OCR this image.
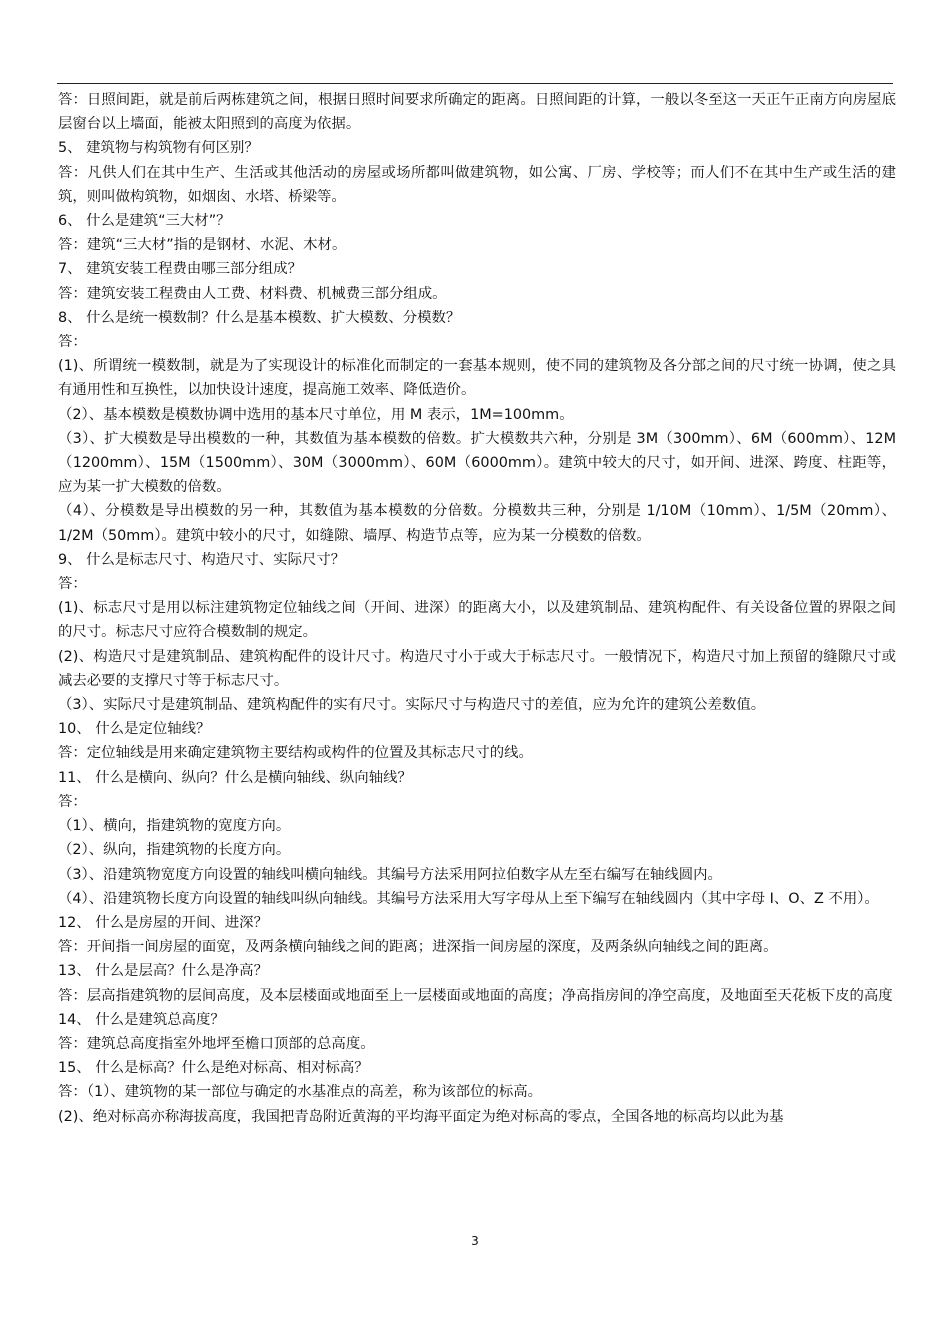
答：日照间距，就是前后两栋建筑之间，根据日照时间要求所确定的距离。日照间距的计算，一般以冬至这一天正午正南方向房屋底层窗台以上墙面，能被太阳照到的高度为依据。

5、 建筑物与构筑物有何区别？

答：凡供人们在其中生产、生活或其他活动的房屋或场所都叫做建筑物，如公寓、厂房、学校等；而人们不在其中生产或生活的建筑，则叫做构筑物，如烟囱、水塔、桥梁等。

6、 什么是建筑“三大材”？

答：建筑“三大材”指的是钢材、水泥、木材。

7、 建筑安装工程费由哪三部分组成？

答：建筑安装工程费由人工费、材料费、机械费三部分组成。

8、 什么是统一模数制？什么是基本模数、扩大模数、分模数？

答：

(1)、所谓统一模数制，就是为了实现设计的标准化而制定的一套基本规则，使不同的建筑物及各分部之间的尺寸统一协调，使之具有通用性和互换性，以加快设计速度，提高施工效率、降低造价。

（2）、基本模数是模数协调中选用的基本尺寸单位，用 M 表示，1M=100mm。

（3）、扩大模数是导出模数的一种，其数值为基本模数的倍数。扩大模数共六种，分别是 3M（300mm）、6M（600mm）、12M（1200mm）、15M（1500mm）、30M（3000mm）、60M（6000mm）。建筑中较大的尺寸，如开间、进深、跨度、柱距等，应为某一扩大模数的倍数。

（4）、分模数是导出模数的另一种，其数值为基本模数的分倍数。分模数共三种，分别是 1/10M（10mm）、1/5M（20mm）、1/2M（50mm）。建筑中较小的尺寸，如缝隙、墙厚、构造节点等，应为某一分模数的倍数。

9、 什么是标志尺寸、构造尺寸、实际尺寸？

答：

(1)、标志尺寸是用以标注建筑物定位轴线之间（开间、进深）的距离大小，以及建筑制品、建筑构配件、有关设备位置的界限之间的尺寸。标志尺寸应符合模数制的规定。

(2)、构造尺寸是建筑制品、建筑构配件的设计尺寸。构造尺寸小于或大于标志尺寸。一般情况下，构造尺寸加上预留的缝隙尺寸或减去必要的支撑尺寸等于标志尺寸。

（3）、实际尺寸是建筑制品、建筑构配件的实有尺寸。实际尺寸与构造尺寸的差值，应为允许的建筑公差数值。

10、 什么是定位轴线？

答：定位轴线是用来确定建筑物主要结构或构件的位置及其标志尺寸的线。

11、 什么是横向、纵向？什么是横向轴线、纵向轴线？

答：

（1）、横向，指建筑物的宽度方向。

（2）、纵向，指建筑物的长度方向。

（3）、沿建筑物宽度方向设置的轴线叫横向轴线。其编号方法采用阿拉伯数字从左至右编写在轴线圆内。

（4）、沿建筑物长度方向设置的轴线叫纵向轴线。其编号方法采用大写字母从上至下编写在轴线圆内（其中字母 I、O、Z 不用）。

12、 什么是房屋的开间、进深？

答：开间指一间房屋的面宽，及两条横向轴线之间的距离；进深指一间房屋的深度，及两条纵向轴线之间的距离。

13、 什么是层高？什么是净高？

答：层高指建筑物的层间高度，及本层楼面或地面至上一层楼面或地面的高度；净高指房间的净空高度，及地面至天花板下皮的高度

14、 什么是建筑总高度？

答：建筑总高度指室外地坪至檐口顶部的总高度。

15、 什么是标高？什么是绝对标高、相对标高？

答：（1）、建筑物的某一部位与确定的水基准点的高差，称为该部位的标高。

(2)、绝对标高亦称海拔高度，我国把青岛附近黄海的平均海平面定为绝对标高的零点，全国各地的标高均以此为基

3
